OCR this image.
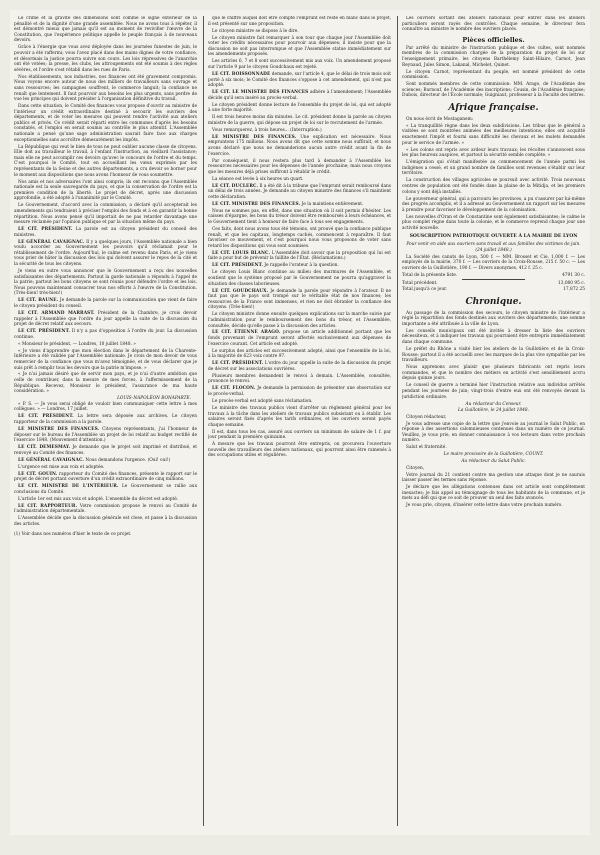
Le crime et la gravité des dimensions sont comme le signe extérieur de la pénalité et de la dignité d'une grande assemblée. Nous ne avons tous à répéter, il est démontré mieux que jamais qu'il est au moment de revivifier l'œuvre de la Constitution, que l'expérience politique appelle le peuple français à de nouveaux devoirs.

Grâce à l'énergie que vous avez déployée dans les journées funestes de juin, le pouvoir a été raffermi; vous l'avez placé dans des mains dignes de votre confiance, et désormais la justice pourra suivre son cours. Les lois répressives de l'anarchie ont été votées; la presse, les clubs, les attroupements ont été soumis à des règles sévères, et l'ordre s'est rétabli dans les rues de Paris.

Nos établissements, nos industries, nos finances ont été gravement compromis. Nous voyons encore autour de nous des milliers de travailleurs sans ouvrage et sans ressources; les campagnes souffrent, le commerce languit; la confiance ne renaît que lentement. Il faut pourvoir aux besoins les plus urgents, sans perdre de vue les principes qui doivent présider à l'organisation définitive du travail.

Dans cette situation, le Comité des finances vous propose d'ouvrir au ministre de l'intérieur un crédit extraordinaire destiné à secourir les ouvriers des départements, et de voter les mesures qui peuvent rendre l'activité aux ateliers publics et privés. Ce crédit serait réparti entre les communes d'après les besoins constatés, et l'emploi en serait soumis au contrôle le plus attentif. L'Assemblée nationale a pensé qu'une sage administration saurait faire face aux charges exceptionnelles sans accroître démesurément les impôts.

La République qui veut le bien de tous ne peut oublier aucune classe de citoyens. Elle doit au travailleur le travail, à l'enfant l'instruction, au vieillard l'assistance; mais elle ne peut accomplir ces devoirs qu'avec le concours de l'ordre et du temps. C'est pourquoi le Comité, tout en accueillant les vœux exprimés par les représentants de la Seine et des autres départements, a cru devoir se borner pour le moment aux dispositions que nous avons l'honneur de vous soumettre.

Nos amis et nos adversaires l'ont ainsi compris; ils ont reconnu que l'Assemblée nationale est la seule sauvegarde du pays, et que la conservation de l'ordre est la première condition de la liberté. Le projet de décret, après une discussion approfondie, a été adopté à l'unanimité par le Comité.

Le Gouvernement, d'accord avec la commission, a déclaré qu'il accepterait les amendements qui tendraient à préciser l'emploi des fonds et à en garantir la bonne répartition. Nous avons pensé qu'il importait de ne pas retarder davantage une mesure réclamée par l'opinion publique et par la situation même du pays.

LE CIT. PRÉSIDENT. La parole est au citoyen président du conseil des ministres.

LE GÉNÉRAL CAVAIGNAC. Il y a quelques jours, l'Assemblée nationale a bien voulu accorder au Gouvernement les pouvoirs qu'il réclamait pour le rétablissement de l'ordre. Aujourd'hui, le calme est revenu dans Paris, et je viens vous prier de hâter la discussion des lois qui doivent assurer le repos de la cité et la sécurité de tous les citoyens.

Je viens en outre vous annoncer que le Gouvernement a reçu des nouvelles satisfaisantes des départements. Partout la garde nationale a répondu à l'appel de la patrie; partout les bons citoyens se sont réunis pour défendre l'ordre et les lois. Nous pouvons maintenant consacrer tous nos efforts à l'œuvre de la Constitution. (Très-bien! très-bien!)

LE CIT. BAUNE. Je demande la parole sur la communication que vient de faire le citoyen président du conseil.

LE CIT. ARMAND MARRAST. Président de la Chambre, je crois devoir rappeler à l'Assemblée que l'ordre du jour appelle la suite de la discussion du projet de décret relatif aux secours.

LE CIT. PRÉSIDENT. Il n'y a pas d'opposition à l'ordre du jour. La discussion continue.

« Monsieur le président, — Londres, 10 juillet 1848. »

« Je viens d'apprendre que mon élection dans le département de la Charente-Inférieure a été validée par l'Assemblée nationale. Je crois de mon devoir de vous remercier de la confiance que vous m'avez témoignée, et de vous déclarer que je suis prêt à remplir tous les devoirs que la patrie m'impose. »

« Je n'ai jamais désiré que de servir mon pays, et je n'ai d'autre ambition que celle de contribuer, dans la mesure de mes forces, à l'affermissement de la République. Recevez, Monsieur le président, l'assurance de ma haute considération. »

LOUIS-NAPOLÉON BONAPARTE.

« P. S. — Je vous serai obligé de vouloir bien communiquer cette lettre à mes collègues. » — Londres, 17 juillet.

LE CIT. PRÉSIDENT. La lettre sera déposée aux archives. Le citoyen rapporteur de la commission a la parole.

LE MINISTRE DES FINANCES. Citoyens représentants, j'ai l'honneur de déposer sur le bureau de l'Assemblée un projet de loi relatif au budget rectifié de l'exercice 1848. (Mouvement d'attention.)

LE CIT. DEMESMAY. Je demande que le projet soit imprimé et distribué, et renvoyé au Comité des finances.

LE GÉNÉRAL CAVAIGNAC. Nous demandons l'urgence. (Oui! oui!)

L'urgence est mise aux voix et adoptée.

LE CIT. GOUIN. rapporteur du Comité des finances, présente le rapport sur le projet de décret portant ouverture d'un crédit extraordinaire de cinq millions.

LE CIT. MINISTRE DE L'INTÉRIEUR. Le Gouvernement se rallie aux conclusions du Comité.

L'article 1er est mis aux voix et adopté. L'ensemble du décret est adopté.

LE CIT. RAPPORTEUR. Votre commission propose le renvoi au Comité de l'administration départementale.

L'Assemblée décide que la discussion générale est close, et passe à la discussion des articles.

(1) Voir dans nos numéros d'hier le texte de ce projet.

que le chiffre auquel doit être compté l'emprunt est resté en blanc dans le projet, il est présenté sur une proposition.

Le citoyen ministre se dispose à le dire.

Le citoyen ministre fait remarquer à son tour que chaque jour l'Assemblée doit voter les crédits nécessaires pour pourvoir aux dépenses; il insiste pour que la discussion ne soit pas interrompue et que l'Assemblée statue immédiatement sur les amendements proposés.

Les articles 6, 7 et 8 sont successivement mis aux voix. Un amendement proposé sur l'article 9 par le citoyen Goudchaux est rejeté.

LE CIT. BOISSONNADE demande, sur l'article 4, que le délai de trois mois soit porté à six mois; le Comité des finances s'oppose à cet amendement, qui n'est pas adopté.

LE CIT. LE MINISTRE DES FINANCES adhère à l'amendement; l'Assemblée décide qu'il sera inséré au procès-verbal.

Le citoyen président donne lecture de l'ensemble du projet de loi, qui est adopté à une forte majorité.

Il est trois heures moins dix minutes. Le cit. président donne la parole au citoyen ministre de la guerre, qui dépose un projet de loi sur le recrutement de l'armée.

Vous remarquerez, à trois heures... (Interruption.)

LE MINISTRE DES FINANCES. Une explication est nécessaire. Nous empruntons 175 millions. Nous avons dit que cette somme nous suffirait, et nous avons déclaré que nous ne demanderions aucun autre crédit avant la fin de l'exercice.

Par conséquent, il nous restera plus tard à demander à l'Assemblée les ressources nécessaires pour les dépenses de l'année prochaine; mais nous croyons que les mesures déjà prises suffiront à rétablir le crédit.

La séance est levée à six heures un quart.

LE CIT. DUCLERC. Il a été dit à la tribune que l'emprunt serait remboursé dans un délai de trois années. Je demande au citoyen ministre des finances s'il maintient cette déclaration.

LE CIT. MINISTRE DES FINANCES. Je la maintiens entièrement.

Nous ne sommes pas, en effet, dans une situation où il soit permis d'hésiter. Les caisses d'épargne, les bons du trésor doivent être remboursés à leurs échéances, et le Gouvernement tient à honneur de faire face à tous ses engagements.

Ces faits, dont nous avons tous été témoins, ont prouvé que la confiance publique renaît, et que les capitaux, longtemps cachés, commencent à reparaître. Il faut favoriser ce mouvement, et c'est pourquoi nous vous proposons de voter sans retard les dispositions qui vous sont soumises.

LE CIT. LOUIS BLANC. L'Assemblée doit savoir que la proposition qui lui est faite a pour but de prévenir la faillite de l'État. (Réclamations.)

LE CIT. PRÉSIDENT. Je rappelle l'orateur à la question.

Le citoyen Louis Blanc continue au milieu des murmures de l'Assemblée, et soutient que le système proposé par le Gouvernement ne pourra qu'aggraver la situation des classes laborieuses.

LE CIT. GOUDCHAUX. Je demande la parole pour répondre à l'orateur. Il ne faut pas que le pays soit trompé sur le véritable état de nos finances; les ressources de la France sont immenses, et rien ne doit ébranler la confiance des citoyens. (Très-bien!)

Le citoyen ministre donne ensuite quelques explications sur la marche suivie par l'administration pour le remboursement des bons du trésor, et l'Assemblée, consultée, décide qu'elle passe à la discussion des articles.

LE CIT. ÉTIENNE ARAGO. propose un article additionnel portant que les fonds provenant de l'emprunt seront affectés exclusivement aux dépenses de l'exercice courant. Cet article est adopté.

Le surplus des articles est successivement adopté, ainsi que l'ensemble de la loi, à la majorité de 623 voix contre 97.

LE CIT. PRÉSIDENT. L'ordre du jour appelle la suite de la discussion du projet de décret sur les associations ouvrières.

Plusieurs membres demandent le renvoi à demain. L'Assemblée, consultée, prononce le renvoi.

LE CIT. FLOCON. Je demande la permission de présenter une observation sur le procès-verbal.

Le procès-verbal est adopté sans réclamation.

Le ministre des travaux publics vient d'arrêter un règlement général pour les travaux à la tâche dans les ateliers de travaux publics subsistant ou à établir. Les salaires seront fixés d'après les tarifs ordinaires, et les ouvriers seront payés chaque semaine.

Il est, dans tous les cas, assuré aux ouvriers un minimum de salaire de 1 f. par jour pendant la première quinzaine.

À mesure que les travaux pourront être entrepris, on procurera l'ouverture nouvelle des travailleurs des ateliers nationaux, qui pourront ainsi être ramenés à des occupations utiles et régulières.

Les ouvriers sortant des ateliers nationaux pour entrer dans les ateliers particuliers seront rayés des contrôles. Chaque semaine, le directeur fera connaître au ministre le nombre des ouvriers placés.

Pièces officielles.

Par arrêté du ministre de l'instruction publique et des cultes, sont nommés membres de la commission chargée de la préparation du projet de loi sur l'enseignement primaire, les citoyens Barthélemy Saint-Hilaire, Carnot, Jean Reynaud, Jules Simon, Lakanal, Michelet, Quinet.

Le citoyen Carnot, représentant du peuple, est nommé président de cette commission.

Sont nommés membres de cette commission: MM. Arago, de l'Académie des sciences; Burnouf, de l'Académie des inscriptions; Cousin, de l'Académie française; Dubois, directeur de l'École normale; Guigniaut, professeur à la Faculté des lettres.

Afrique française.

On nous écrit de Mostaganem:

« La tranquillité règne dans les deux subdivisions. Les tribus que le général a visitées se sont montrées animées des meilleures intentions; elles ont acquitté exactement l'impôt et fourni sans difficulté les chevaux et les mulets demandés pour le service de l'armée. »

« Les colons ont repris avec ardeur leurs travaux; les récoltes s'annoncent sous les plus heureux auspices, et partout la sécurité semble complète. »

L'émigration qui s'était manifestée au commencement de l'année parmi les indigènes a cessé, et un grand nombre de familles sont revenues s'établir sur leur territoire.

La construction des villages agricoles se poursuit avec activité. Trois nouveaux centres de population ont été fondés dans la plaine de la Mitidja, et les premiers colons y sont déjà installés.

Le gouverneur général, qui a parcouru les provinces, a pu s'assurer par lui-même des progrès accomplis, et il a adressé au Gouvernement un rapport sur les mesures à prendre pour favoriser le développement de la colonisation.

Les nouvelles d'Oran et de Constantine sont également satisfaisantes; le calme le plus complet règne dans toute la colonie, et le commerce reprend chaque jour une activité nouvelle.

SOUSCRIPTION PATRIOTIQUE OUVERTE À LA MAIRIE DE LYON
Pour venir en aide aux ouvriers sans travail et aux familles des victimes de juin.
(24 juillet 1848.)

La Société des canuts de Lyon, 500 f. — MM. Brosset et Cie, 1,000 f. — Les employés de la mairie, 370 f. — Les ouvriers de la Croix-Rousse, 215 f. 50 c. — Les ouvriers de la Guillotière, 190 f. — Divers anonymes, 412 f. 25 c.

Total de la présente liste.	4791 30 c.
Total précédent.	13,080 95 c.
Total jusqu'à ce jour.	17,872 25
Chronique.

Au passage de la commission des secours, le citoyen ministre de l'intérieur a réglé la répartition des fonds destinés aux ouvriers des départements; une somme importante a été attribuée à la ville de Lyon.

Les conseils municipaux ont été invités à dresser la liste des ouvriers nécessiteux, et à indiquer les travaux qui pourraient être entrepris immédiatement dans chaque commune.

Le préfet du Rhône a visité hier les ateliers de la Guillotière et de la Croix-Rousse; partout il a été accueilli avec les marques de la plus vive sympathie par les travailleurs.

Nous apprenons avec plaisir que plusieurs fabricants ont repris leurs commandes, et que le nombre des métiers en activité s'est sensiblement accru depuis quinze jours.

Le conseil de guerre a terminé hier l'instruction relative aux individus arrêtés pendant les journées de juin; vingt-trois d'entre eux ont été renvoyés devant la juridiction ordinaire.

Au rédacteur du Censeur.
La Guillotière, le 24 juillet 1848.

Citoyen rédacteur,

Je vous adresse une copie de la lettre que j'envoie au journal le Salut Public, en réponse à des assertions calomnieuses contenues dans un numéro de ce journal. Veuillez, je vous prie, en donner connaissance à vos lecteurs dans votre prochain numéro.

Salut et fraternité.

Le maire provisoire de la Guillotière, COUNT.
Au rédacteur du Salut Public.

Citoyen,

Votre journal du 21 contient contre ma gestion une attaque dont je ne saurais laisser passer les termes sans réponse.

Je déclare que les allégations contenues dans cet article sont complètement inexactes; je fais appel au témoignage de tous les habitants de la commune, et je mets au défi qui que ce soit de prouver un seul des faits avancés.

Je vous prie, citoyen, d'insérer cette lettre dans votre prochain numéro.
